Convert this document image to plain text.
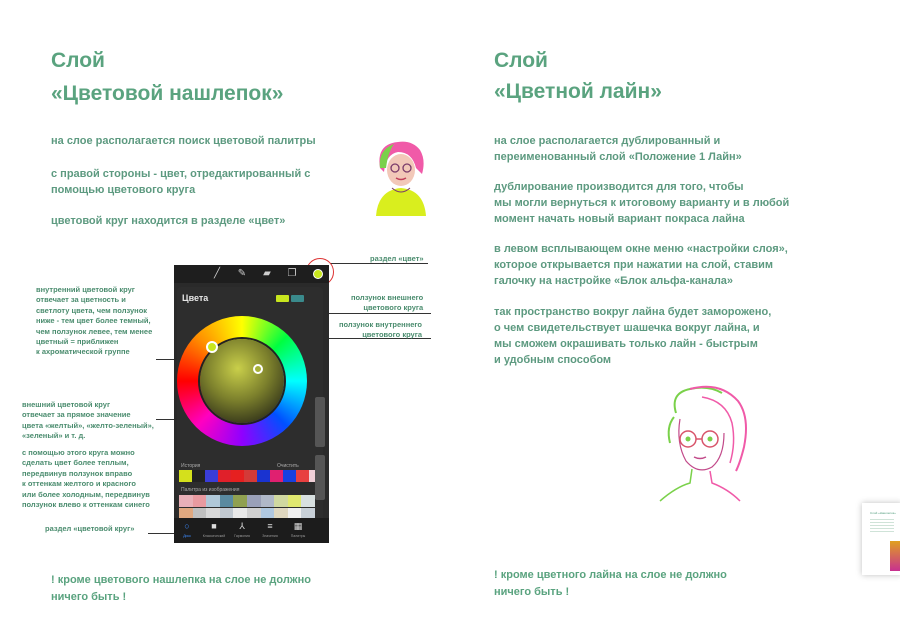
Слой
«Цветовой нашлепок»
на слое располагается поиск цветовой палитры
с правой стороны - цвет, отредактированный с
помощью цветового круга
цветовой круг находится в разделе «цвет»
раздел «цвет»
ползунок внешнего
цветового круга
ползунок внутреннего
цветового круга
внутренний цветовой круг
отвечает за цветность и
светлоту цвета, чем ползунок
ниже - тем цвет более темный,
чем ползунок левее, тем менее
цветный = приближен
к ахроматической группе
внешний цветовой круг
отвечает за прямое значение
цвета «желтый», «желто-зеленый»,
«зеленый» и т. д.
с помощью этого круга можно
сделать цвет более теплым,
передвинув ползунок вправо
к оттенкам желтого и красного
или более холодным, передвинув
ползунок влево к оттенкам синего
раздел «цветовой круг»
╱ ✎ ▰ ❐
Цвета
История	Очистить
Палитра из изображения
○
Диск
■
Классический
⅄
Гармония
≡
Значения
▦
Палитры
! кроме цветового нашлепка на слое не должно
ничего быть !
Слой
«Цветной лайн»
на слое располагается дублированный и
переименованный слой «Положение 1 Лайн»
дублирование производится для того, чтобы
мы могли вернуться к итоговому варианту и в любой
момент начать новый вариант покраса лайна
в левом всплывающем окне меню «настройки слоя»,
которое открывается при нажатии на слой, ставим
галочку на настройке «Блок альфа-канала»
так пространство вокруг лайна будет заморожено,
о чем свидетельствует шашечка вокруг лайна, и
мы сможем окрашивать только лайн - быстрым
и удобным способом
! кроме цветного лайна на слое не должно
ничего быть !
Слой «Нашлепок»
